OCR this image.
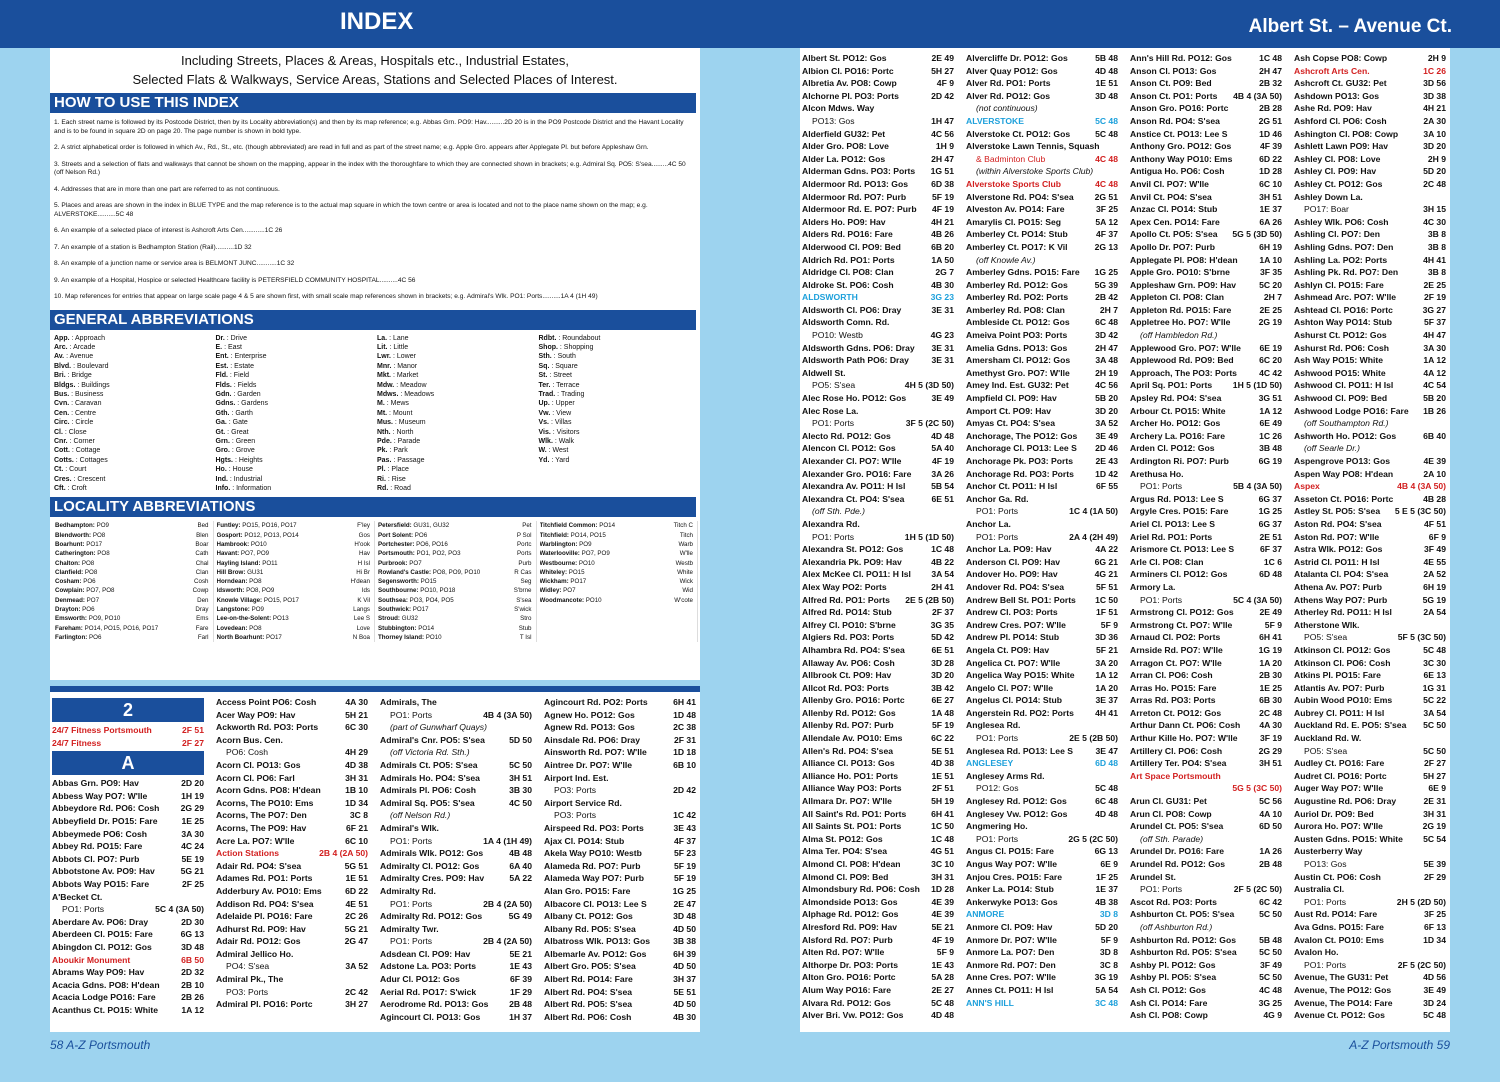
INDEX	Albert St. – Avenue Ct.
Including Streets, Places & Areas, Hospitals etc., Industrial Estates,
Selected Flats & Walkways, Service Areas, Stations and Selected Places of Interest.
HOW TO USE THIS INDEX
1. Each street name is followed by its Postcode District, then by its Locality abbreviation(s) and then by its map reference; e.g. Abbas Grn. PO9: Hav..........2D 20 is in the PO9 Postcode District and the Havant Locality and is to be found in square 2D on page 20. The page number is shown in bold type.
2. A strict alphabetical order is followed in which Av., Rd., St., etc. (though abbreviated) are read in full and as part of the street name; e.g. Apple Gro. appears after Applegate Pl. but before Appleshaw Grn.
3. Streets and a selection of flats and walkways that cannot be shown on the mapping, appear in the index with the thoroughfare to which they are connected shown in brackets; e.g. Admiral Sq. PO5: S'sea.........4C 50 (off Nelson Rd.)
4. Addresses that are in more than one part are referred to as not continuous.
5. Places and areas are shown in the index in BLUE TYPE and the map reference is to the actual map square in which the town centre or area is located and not to the place name shown on the map; e.g. ALVERSTOKE..........5C 48
6. An example of a selected place of interest is Ashcroft Arts Cen............1C 26
7. An example of a station is Bedhampton Station (Rail)..........1D 32
8. An example of a junction name or service area is BELMONT JUNC...........1C 32
9. An example of a Hospital, Hospice or selected Healthcare facility is PETERSFIELD COMMUNITY HOSPITAL..........4C 56
10. Map references for entries that appear on large scale page 4 & 5 are shown first, with small scale map references shown in brackets; e.g. Admiral's Wlk. PO1: Ports..........1A 4 (1H 49)
GENERAL ABBREVIATIONS
App. : Approach
Arc. : Arcade
Av. : Avenue
Blvd. : Boulevard
Bri. : Bridge
Bldgs. : Buildings
Bus. : Business
Cvn. : Caravan
Cen. : Centre
Circ. : Circle
Cl. : Close
Cnr. : Corner
Cott. : Cottage
Cotts. : Cottages
Ct. : Court
Cres. : Crescent
Cft. : Croft
Dr. : Drive
E. : East
Ent. : Enterprise
Est. : Estate
Fld. : Field
Flds. : Fields
Gdn. : Garden
Gdns. : Gardens
Gth. : Garth
Ga. : Gate
Gt. : Great
Grn. : Green
Gro. : Grove
Hgts. : Heights
Ho. : House
Ind. : Industrial
Info. : Information
La. : Lane
Lit. : Little
Lwr. : Lower
Mnr. : Manor
Mkt. : Market
Mdw. : Meadow
Mdws. : Meadows
M. : Mews
Mt. : Mount
Mus. : Museum
Nth. : North
Pde. : Parade
Pk. : Park
Pas. : Passage
Pl. : Place
Ri. : Rise
Rd. : Road
Rdbt. : Roundabout
Shop. : Shopping
Sth. : South
Sq. : Square
St. : Street
Ter. : Terrace
Trad. : Trading
Up. : Upper
Vw. : View
Vs. : Villas
Vis. : Visitors
Wlk. : Walk
W. : West
Yd. : Yard
LOCALITY ABBREVIATIONS
Bedhampton: PO9	Bed
Blendworth: PO8	Blen
Boarhunt: PO17	Boar
Catherington: PO8	Cath
Chalton: PO8	Chal
Clanfield: PO8	Clan
Cosham: PO6	Cosh
Cowplain: PO7, PO8	Cowp
Denmead: PO7	Den
Drayton: PO6	Dray
Emsworth: PO9, PO10	Ems
Fareham: PO14, PO15, PO16, PO17	Fare
Farlington: PO6	Farl
Funtley: PO15, PO16, PO17	F'ley
Gosport: PO12, PO13, PO14	Gos
Hambrook: PO10	H'ook
Havant: PO7, PO9	Hav
Hayling Island: PO11	H Isl
Hill Brow: GU31	Hi Br
Horndean: PO8	H'dean
Idsworth: PO8, PO9	Ids
Knowle Village: PO15, PO17	K Vil
Langstone: PO9	Langs
Lee-on-the-Solent: PO13	Lee S
Lovedean: PO8	Love
North Boarhunt: PO17	N Boa
Petersfield: GU31, GU32	Pet
Port Solent: PO6	P Sol
Portchester: PO6, PO16	Portc
Portsmouth: PO1, PO2, PO3	Ports
Purbrook: PO7	Purb
Rowland's Castle: PO8, PO9, PO10	R Cas
Segensworth: PO15	Seg
Southbourne: PO10, PO18	S'brne
Southsea: PO3, PO4, PO5	S'sea
Southwick: PO17	S'wick
Stroud: GU32	Stro
Stubbington: PO14	Stub
Thorney Island: PO10	T Isl
Titchfield Common: PO14	Titch C
Titchfield: PO14, PO15	Titch
Warblington: PO9	Warb
Waterlooville: PO7, PO9	W'lle
Westbourne: PO10	Westb
Whiteley: PO15	White
Wickham: PO17	Wick
Widley: PO7	Wid
Woodmancote: PO10	W'cote
2
24/7 Fitness Portsmouth	2F 51
24/7 Fitness	2F 27
A
Abbas Grn. PO9: Hav	2D 20
Abbess Way PO7: W'lle	1H 19
Abbeydore Rd. PO6: Cosh 2G 29
Abbeyfield Dr. PO15: Fare	1E 25
Abbeymede PO6: Cosh	3A 30
Abbey Rd. PO15: Fare	4C 24
Abbots Cl. PO7: Purb	5E 19
Abbotstone Av. PO9: Hav	5G 21
Abbots Way PO15: Fare	2F 25
A'Becket Ct.
PO1: Ports	5C 4 (3A 50)
Aberdare Av. PO6: Dray	2D 30
Aberdeen Cl. PO15: Fare	6G 13
Abingdon Cl. PO12: Gos	3D 48
Aboukir Monument	6B 50
Abrams Way PO9: Hav	2D 32
Acacia Gdns. PO8: H'dean 2B 10
Acacia Lodge PO16: Fare	2B 26
Acanthus Ct. PO15: White	1A 12
Access Point PO6: Cosh	4A 30
Acer Way PO9: Hav	5H 21
Ackworth Rd. PO3: Ports	6C 30
Acorn Bus. Cen.
PO6: Cosh	4H 29
Acorn Cl. PO13: Gos	4D 38
Acorn Cl. PO6: Farl	3H 31
Acorn Gdns. PO8: H'dean	1B 10
Acorns, The PO10: Ems	1D 34
Acorns, The PO7: Den	3C 8
Acorns, The PO9: Hav	6F 21
Acre La. PO7: W'lle	6C 10
Action Stations	2B 4 (2A 50)
Adair Rd. PO4: S'sea	5G 51
Adames Rd. PO1: Ports	1E 51
Adderbury Av. PO10: Ems	6D 22
Addison Rd. PO4: S'sea	4E 51
Adelaide Pl. PO16: Fare	2C 26
Adhurst Rd. PO9: Hav	5G 21
Adair Rd. PO12: Gos	2G 47
Admiral Jellico Ho.
PO4: S'sea	3A 52
Admiral Pk., The
PO3: Ports	2C 42
Admiral Pl. PO16: Portc	3H 27
Admirals, The
PO1: Ports	4B 4 (3A 50)
(part of Gunwharf Quays)
Admiral's Cnr. PO5: S'sea	5D 50
(off Victoria Rd. Sth.)
Admirals Ct. PO5: S'sea	5C 50
Admirals Ho. PO4: S'sea	3H 51
Admirals Pl. PO6: Cosh	3B 30
Admiral Sq. PO5: S'sea	4C 50
(off Nelson Rd.)
Admiral's Wlk.
PO1: Ports	1A 4 (1H 49)
Admirals Wlk. PO12: Gos	4B 48
Admiralty Cl. PO12: Gos	6A 40
Admiralty Cres. PO9: Hav	5A 22
Admiralty Rd.
PO1: Ports	2B 4 (2A 50)
Admiralty Rd. PO12: Gos	5G 49
Admiralty Twr.
PO1: Ports	2B 4 (2A 50)
Adsdean Cl. PO9: Hav	5E 21
Adstone La. PO3: Ports	1E 43
Adur Cl. PO12: Gos	6F 39
Aerial Rd. PO17: S'wick	1F 29
Aerodrome Rd. PO13: Gos 2B 48
Agincourt Cl. PO13: Gos	1H 37
Agincourt Rd. PO2: Ports	6H 41
Agnew Ho. PO12: Gos	1D 48
Agnew Rd. PO13: Gos	2C 38
Ainsdale Rd. PO6: Dray	2F 31
Ainsworth Rd. PO7: W'lle	1D 18
Aintree Dr. PO7: W'lle	6B 10
Airport Ind. Est.
PO3: Ports	2D 42
Airport Service Rd.
PO3: Ports	1C 42
Airspeed Rd. PO3: Ports	3E 43
Ajax Cl. PO14: Stub	4F 37
Akela Way PO10: Westb	5F 23
Alameda Rd. PO7: Purb	5F 19
Alameda Way PO7: Purb	5F 19
Alan Gro. PO15: Fare	1G 25
Albacore Cl. PO13: Lee S	2E 47
Albany Ct. PO12: Gos	3D 48
Albany Rd. PO5: S'sea	4D 50
Albatross Wlk. PO13: Gos	3B 38
Albemarle Av. PO12: Gos	6H 39
Albert Gro. PO5: S'sea	4D 50
Albert Rd. PO14: Fare	3H 37
Albert Rd. PO4: S'sea	5E 51
Albert Rd. PO5: S'sea	4D 50
Albert Rd. PO6: Cosh	4B 30
Albert St. PO12: Gos	2E 49
Albion Cl. PO16: Portc	5H 27
Albretia Av. PO8: Cowp	4F 9
Alchorne Pl. PO3: Ports	2D 42
Alcon Mdws. Way
PO13: Gos	1H 47
Alderfield GU32: Pet	4C 56
Alder Gro. PO8: Love	1H 9
Alder La. PO12: Gos	2H 47
Alderman Gdns. PO3: Ports 1G 51
Aldermoor Rd. PO13: Gos	6D 38
Aldermoor Rd. PO7: Purb	5F 19
Aldermoor Rd. E. PO7: Purb 4F 19
Alders Ho. PO9: Hav	4H 21
Alders Rd. PO16: Fare	4B 26
Alderwood Cl. PO9: Bed	6B 20
Aldrich Rd. PO1: Ports	1A 50
Aldridge Cl. PO8: Clan	2G 7
Aldroke St. PO6: Cosh	4B 30
ALDSWORTH	3G 23
Aldsworth Cl. PO6: Dray	3E 31
Aldsworth Comn. Rd.
PO10: Westb	4G 23
Aldsworth Gdns. PO6: Dray 3E 31
Aldsworth Path PO6: Dray	3E 31
Aldwell St.
PO5: S'sea	4H 5 (3D 50)
Alec Rose Ho. PO12: Gos	3E 49
Alec Rose La.
PO1: Ports	3F 5 (2C 50)
Alecto Rd. PO12: Gos	4D 48
Alencon Cl. PO12: Gos	5A 40
Alexander Cl. PO7: W'lle	4F 19
Alexander Gro. PO16: Fare 3A 26
Alexandra Av. PO11: H Isl	5B 54
Alexandra Ct. PO4: S'sea	6E 51
(off Sth. Pde.)
Alexandra Rd.
PO1: Ports	1H 5 (1D 50)
Alexandra St. PO12: Gos	1C 48
Alexandria Pk. PO9: Hav	4B 22
Alex McKee Cl. PO11: H Isl 3A 54
Alex Way PO2: Ports	2H 41
Alfred Rd. PO1: Ports 2E 5 (2B 50)
Alfred Rd. PO14: Stub	2F 37
Alfrey Cl. PO10: S'brne	3G 35
Algiers Rd. PO3: Ports	5D 42
Alhambra Rd. PO4: S'sea	6E 51
Allaway Av. PO6: Cosh	3D 28
Allbrook Ct. PO9: Hav	3D 20
Allcot Rd. PO3: Ports	3B 42
Allenby Gro. PO16: Portc	6E 27
Allenby Rd. PO12: Gos	1A 48
Allenby Rd. PO7: Purb	5F 19
Allendale Av. PO10: Ems	6C 22
Allen's Rd. PO4: S'sea	5E 51
Alliance Cl. PO13: Gos	4D 38
Alliance Ho. PO1: Ports	1E 51
Alliance Way PO3: Ports	2F 51
Allmara Dr. PO7: W'lle	5H 19
All Saint's Rd. PO1: Ports	6H 41
All Saints St. PO1: Ports	1C 50
Alma St. PO12: Gos	1C 48
Alma Ter. PO4: S'sea	4G 51
Almond Cl. PO8: H'dean	3C 10
Almond Cl. PO9: Bed	3H 31
Almondsbury Rd. PO6: Cosh 1D 28
Almondside PO13: Gos	4E 39
Alphage Rd. PO12: Gos	4E 39
Alresford Rd. PO9: Hav	5E 21
Alsford Rd. PO7: Purb	4F 19
Alten Rd. PO7: W'lle	5F 9
Althorpe Dr. PO3: Ports	1E 43
Alton Gro. PO16: Portc	5A 28
Alum Way PO16: Fare	2E 27
Alvara Rd. PO12: Gos	5C 48
Alver Bri. Vw. PO12: Gos	4D 48
Alvercliffe Dr. PO12: Gos	5B 48
Alver Quay PO12: Gos	4D 48
Alver Rd. PO1: Ports	1E 51
Alver Rd. PO12: Gos	3D 48
(not continuous)
ALVERSTOKE	5C 48
Alverstoke Ct. PO12: Gos	5C 48
Alverstoke Lawn Tennis, Squash
& Badminton Club	4C 48
(within Alverstoke Sports Club)
Alverstoke Sports Club	4C 48
Alverstone Rd. PO4: S'sea 2G 51
Alveston Av. PO14: Fare	3F 25
Amarylis Cl. PO15: Seg	5A 12
Amberley Ct. PO14: Stub	4F 37
Amberley Ct. PO17: K Vil	2G 13
(off Knowle Av.)
Amberley Gdns. PO15: Fare 1G 25
Amberley Rd. PO12: Gos	5G 39
Amberley Rd. PO2: Ports	2B 42
Amberley Rd. PO8: Clan	2H 7
Ambleside Ct. PO12: Gos	6C 48
Ameiva Point PO3: Ports	3D 42
Amelia Gdns. PO13: Gos	2H 47
Amersham Cl. PO12: Gos	3A 48
Amethyst Gro. PO7: W'lle	2H 19
Amey Ind. Est. GU32: Pet	4C 56
Ampfield Cl. PO9: Hav	5B 20
Amport Ct. PO9: Hav	3D 20
Amyas Ct. PO4: S'sea	3A 52
Anchorage, The PO12: Gos 3E 49
Anchorage Cl. PO13: Lee S 2D 46
Anchorage Pk. PO3: Ports	2E 43
Anchorage Rd. PO3: Ports 1D 42
Anchor Ct. PO11: H Isl	6F 55
Anchor Ga. Rd.
PO1: Ports	1C 4 (1A 50)
Anchor La.
PO1: Ports	2A 4 (2H 49)
Anchor La. PO9: Hav	4A 22
Anderson Cl. PO9: Hav	6G 21
Andover Ho. PO9: Hav	4G 21
Andover Rd. PO4: S'sea	5F 51
Andrew Bell St. PO1: Ports 1C 50
Andrew Cl. PO3: Ports	1F 51
Andrew Cres. PO7: W'lle	5F 9
Andrew Pl. PO14: Stub	3D 36
Angela Ct. PO9: Hav	5F 21
Angelica Ct. PO7: W'lle	3A 20
Angelica Way PO15: White 1A 12
Angelo Cl. PO7: W'lle	1A 20
Angelus Cl. PO14: Stub	3E 37
Angerstein Rd. PO2: Ports 4H 41
Anglesea Rd.
PO1: Ports	2E 5 (2B 50)
Anglesea Rd. PO13: Lee S	3E 47
ANGLESEY	6D 48
Anglesey Arms Rd.
PO12: Gos	5C 48
Anglesey Rd. PO12: Gos	6C 48
Anglesey Vw. PO12: Gos	4D 48
Angmering Ho.
PO1: Ports	2G 5 (2C 50)
Angus Cl. PO15: Fare	6G 13
Angus Way PO7: W'lle	6E 9
Anjou Cres. PO15: Fare	1F 25
Anker La. PO14: Stub	1E 37
Ankerwyke PO13: Gos	4B 38
ANMORE	3D 8
Anmore Cl. PO9: Hav	5D 20
Anmore Dr. PO7: W'lle	5F 9
Anmore La. PO7: Den	3D 8
Anmore Rd. PO7: Den	3C 8
Anne Cres. PO7: W'lle	3G 19
Annes Ct. PO11: H Isl	5A 54
ANN'S HILL	3C 48
Ann's Hill Rd. PO12: Gos	1C 48
Anson Cl. PO13: Gos	2H 47
Anson Ct. PO9: Bed	2B 32
Anson Ct. PO1: Ports 4B 4 (3A 50)
Anson Gro. PO16: Portc	2B 28
Anson Rd. PO4: S'sea	2G 51
Anstice Ct. PO13: Lee S	1D 46
Anthony Gro. PO12: Gos	4F 39
Anthony Way PO10: Ems	6D 22
Antigua Ho. PO6: Cosh	1D 28
Anvil Cl. PO7: W'lle	6C 10
Anvil Ct. PO4: S'sea	3H 51
Anzac Cl. PO14: Stub	1E 37
Apex Cen. PO14: Fare	6A 26
Apollo Ct. PO5: S'sea 5G 5 (3D 50)
Apollo Dr. PO7: Purb	6H 19
Applegate Pl. PO8: H'dean	1A 10
Apple Gro. PO10: S'brne	3F 35
Appleshaw Grn. PO9: Hav	5C 20
Appleton Cl. PO8: Clan	2H 7
Appleton Rd. PO15: Fare	2E 25
Appletree Ho. PO7: W'lle	2G 19
(off Hambledon Rd.)
Applewood Gro. PO7: W'lle 6E 19
Applewood Rd. PO9: Bed	6C 20
Approach, The PO3: Ports	4C 42
April Sq. PO1: Ports 1H 5 (1D 50)
Apsley Rd. PO4: S'sea	3G 51
Arbour Ct. PO15: White	1A 12
Archer Ho. PO12: Gos	6E 49
Archery La. PO16: Fare	1C 26
Arden Cl. PO12: Gos	3B 48
Ardington Ri. PO7: Purb	6G 19
Arethusa Ho.
PO1: Ports	5B 4 (3A 50)
Argus Rd. PO13: Lee S	6G 37
Argyle Cres. PO15: Fare	1G 25
Ariel Cl. PO13: Lee S	6G 37
Ariel Rd. PO1: Ports	2E 51
Arismore Ct. PO13: Lee S	6F 37
Arle Cl. PO8: Clan	1C 6
Arminers Cl. PO12: Gos	6D 48
Armory La.
PO1: Ports	5C 4 (3A 50)
Armstrong Cl. PO12: Gos	2E 49
Armstrong Ct. PO7: W'lle	5F 9
Arnaud Cl. PO2: Ports	6H 41
Arnside Rd. PO7: W'lle	1G 19
Arragon Ct. PO7: W'lle	1A 20
Arran Cl. PO6: Cosh	2B 30
Arras Ho. PO15: Fare	1E 25
Arras Rd. PO3: Ports	6B 30
Arreton Ct. PO12: Gos	2C 48
Arthur Dann Ct. PO6: Cosh 4A 30
Arthur Kille Ho. PO7: W'lle	3F 19
Artillery Cl. PO6: Cosh	2G 29
Artillery Ter. PO4: S'sea	3H 51
Art Space Portsmouth
5G 5 (3C 50)
Arun Cl. GU31: Pet	5C 56
Arun Cl. PO8: Cowp	4A 10
Arundel Ct. PO5: S'sea	6D 50
(off Sth. Parade)
Arundel Dr. PO16: Fare	1A 26
Arundel Rd. PO12: Gos	2B 48
Arundel St.
PO1: Ports	2F 5 (2C 50)
Ascot Rd. PO3: Ports	6C 42
Ashburton Ct. PO5: S'sea	5C 50
(off Ashburton Rd.)
Ashburton Rd. PO12: Gos	5B 48
Ashburton Rd. PO5: S'sea	5C 50
Ashby Pl. PO12: Gos	3F 49
Ashby Pl. PO5: S'sea	5C 50
Ash Cl. PO12: Gos	4C 48
Ash Cl. PO14: Fare	3G 25
Ash Cl. PO8: Cowp	4G 9
Ash Copse PO8: Cowp	2H 9
Ashcroft Arts Cen.	1C 26
Ashcroft Ct. GU32: Pet	3D 56
Ashdown PO13: Gos	3D 38
Ashe Rd. PO9: Hav	4H 21
Ashford Cl. PO6: Cosh	2A 30
Ashington Cl. PO8: Cowp	3A 10
Ashlett Lawn PO9: Hav	3D 20
Ashley Cl. PO8: Love	2H 9
Ashley Cl. PO9: Hav	5D 20
Ashley Ct. PO12: Gos	2C 48
Ashley Down La.
PO17: Boar	3H 15
Ashley Wlk. PO6: Cosh	4C 30
Ashling Cl. PO7: Den	3B 8
Ashling Gdns. PO7: Den	3B 8
Ashling La. PO2: Ports	4H 41
Ashling Pk. Rd. PO7: Den	3B 8
Ashlyn Cl. PO15: Fare	2E 25
Ashmead Arc. PO7: W'lle	2F 19
Ashtead Cl. PO16: Portc	3G 27
Ashton Way PO14: Stub	5F 37
Ashurst Ct. PO12: Gos	4H 47
Ashurst Rd. PO6: Cosh	3A 30
Ash Way PO15: White	1A 12
Ashwood PO15: White	4A 12
Ashwood Cl. PO11: H Isl	4C 54
Ashwood Cl. PO9: Bed	5B 20
Ashwood Lodge PO16: Fare 1B 26
(off Southampton Rd.)
Ashworth Ho. PO12: Gos	6B 40
(off Searle Dr.)
Aspengrove PO13: Gos	4E 39
Aspen Way PO8: H'dean	2A 10
Aspex	4B 4 (3A 50)
Asseton Ct. PO16: Portc	4B 28
Astley St. PO5: S'sea 5 E 5 (3C 50)
Aston Rd. PO4: S'sea	4F 51
Aston Rd. PO7: W'lle	6F 9
Astra Wlk. PO12: Gos	3F 49
Astrid Cl. PO11: H Isl	4E 55
Atalanta Cl. PO4: S'sea	2A 52
Athena Av. PO7: Purb	6H 19
Athens Way PO7: Purb	5G 19
Atherley Rd. PO11: H Isl	2A 54
Atherstone Wlk.
PO5: S'sea	5F 5 (3C 50)
Atkinson Cl. PO12: Gos	5C 48
Atkinson Cl. PO6: Cosh	3C 30
Atkins Pl. PO15: Fare	6E 13
Atlantis Av. PO7: Purb	1G 31
Aubin Wood PO10: Ems	5C 22
Aubrey Cl. PO11: H Isl	3A 54
Auckland Rd. E. PO5: S'sea 5C 50
Auckland Rd. W.
PO5: S'sea	5C 50
Audley Ct. PO16: Fare	2F 27
Audret Cl. PO16: Portc	5H 27
Auger Way PO7: W'lle	6E 9
Augustine Rd. PO6: Dray	2E 31
Auriol Dr. PO9: Bed	3H 31
Aurora Ho. PO7: W'lle	2G 19
Austen Gdns. PO15: White 5C 54
Austerberry Way
PO13: Gos	5E 39
Austin Ct. PO6: Cosh	2F 29
Australia Cl.
PO1: Ports	2H 5 (2D 50)
Aust Rd. PO14: Fare	3F 25
Ava Gdns. PO15: Fare	6F 13
Avalon Ct. PO10: Ems	1D 34
Avalon Ho.
PO1: Ports	2F 5 (2C 50)
Avenue, The GU31: Pet	4D 56
Avenue, The PO12: Gos	3E 49
Avenue, The PO14: Fare	3D 24
Avenue Ct. PO12: Gos	5C 48
58 A-Z Portsmouth	A-Z Portsmouth 59
